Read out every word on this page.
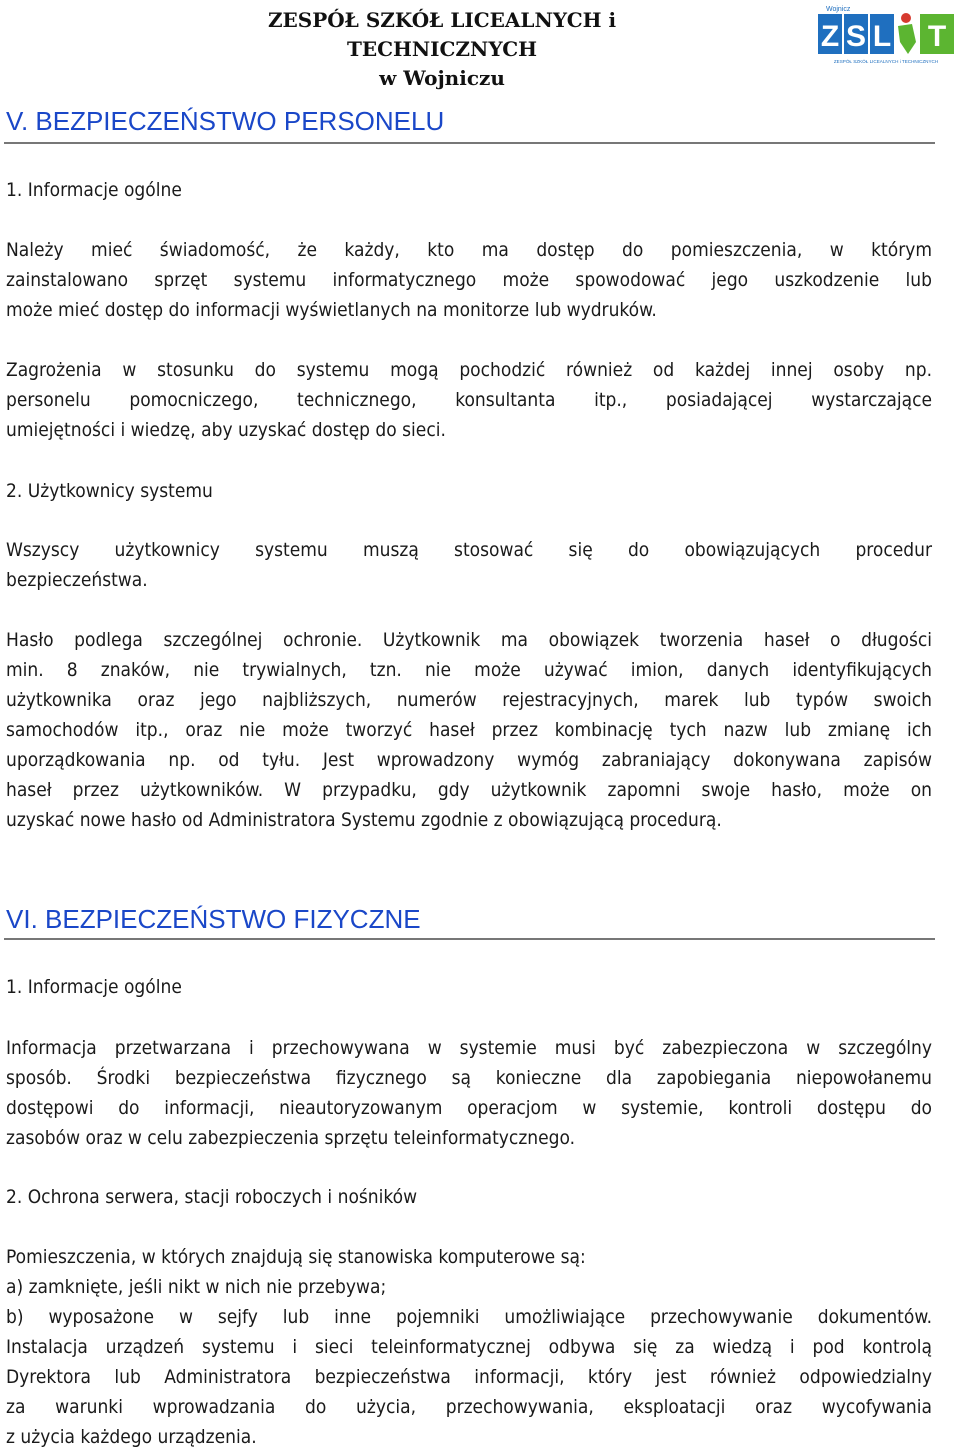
ZESPÓŁ SZKÓŁ LICEALNYCH i TECHNICZNYCH
w Wojniczu
Wojnicz
Z S L T
ZESPÓŁ SZKÓŁ LICEALNYCH i TECHNICZNYCH
V. BEZPIECZEŃSTWO PERSONELU
1. Informacje ogólne

Należy mieć świadomość, że każdy, kto ma dostęp do pomieszczenia, w którym
zainstalowano sprzęt systemu informatycznego może spowodować jego uszkodzenie lub
może mieć dostęp do informacji wyświetlanych na monitorze lub wydruków.

Zagrożenia w stosunku do systemu mogą pochodzić również od każdej innej osoby np.
personelu pomocniczego, technicznego, konsultanta itp., posiadającej wystarczające
umiejętności i wiedzę, aby uzyskać dostęp do sieci.

2. Użytkownicy systemu

Wszyscy użytkownicy systemu muszą stosować się do obowiązujących procedur
bezpieczeństwa.

Hasło podlega szczególnej ochronie. Użytkownik ma obowiązek tworzenia haseł o długości
min. 8 znaków, nie trywialnych, tzn. nie może używać imion, danych identyfikujących
użytkownika oraz jego najbliższych, numerów rejestracyjnych, marek lub typów swoich
samochodów itp., oraz nie może tworzyć haseł przez kombinację tych nazw lub zmianę ich
uporządkowania np. od tyłu. Jest wprowadzony wymóg zabraniający dokonywana zapisów
haseł przez użytkowników. W przypadku, gdy użytkownik zapomni swoje hasło, może on
uzyskać nowe hasło od Administratora Systemu zgodnie z obowiązującą procedurą.

VI. BEZPIECZEŃSTWO FIZYCZNE
1. Informacje ogólne

Informacja przetwarzana i przechowywana w systemie musi być zabezpieczona w szczególny
sposób. Środki bezpieczeństwa fizycznego są konieczne dla zapobiegania niepowołanemu
dostępowi do informacji, nieautoryzowanym operacjom w systemie, kontroli dostępu do
zasobów oraz w celu zabezpieczenia sprzętu teleinformatycznego.

2. Ochrona serwera, stacji roboczych i nośników

Pomieszczenia, w których znajdują się stanowiska komputerowe są:
a) zamknięte, jeśli nikt w nich nie przebywa;
b) wyposażone w sejfy lub inne pojemniki umożliwiające przechowywanie dokumentów.
Instalacja urządzeń systemu i sieci teleinformatycznej odbywa się za wiedzą i pod kontrolą
Dyrektora lub Administratora bezpieczeństwa informacji, który jest również odpowiedzialny
za warunki wprowadzania do użycia, przechowywania, eksploatacji oraz wycofywania
z użycia każdego urządzenia.
